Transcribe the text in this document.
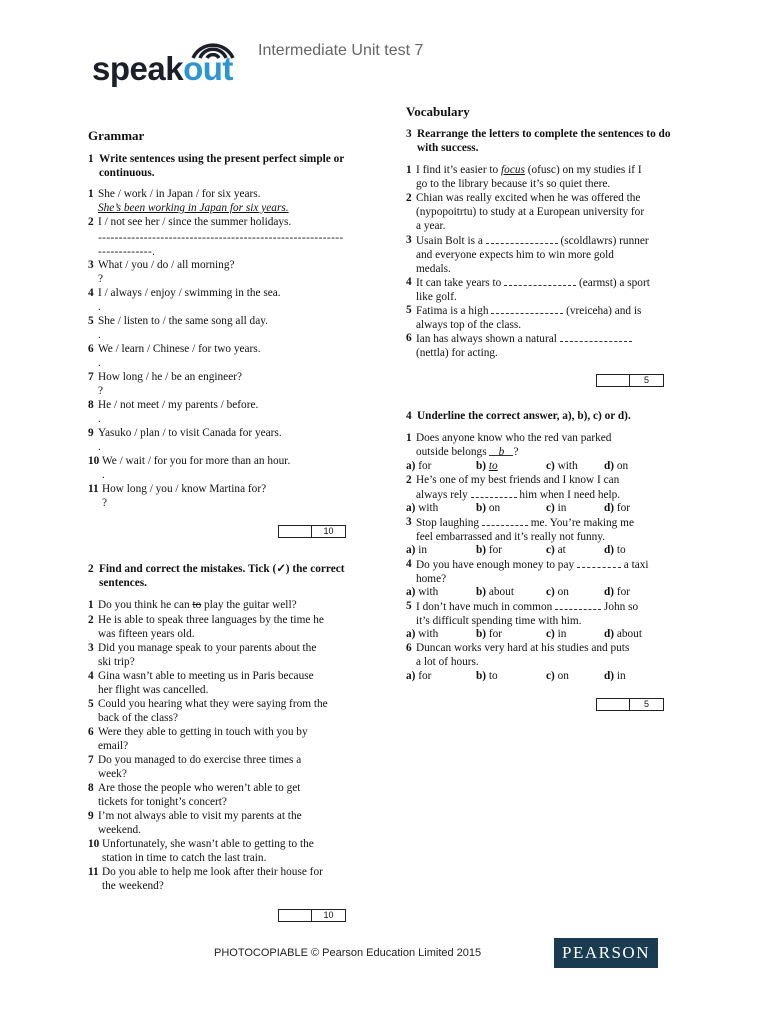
speakout Intermediate Unit test 7
Grammar
1 Write sentences using the present perfect simple or continuous.
1 She / work / in Japan / for six years.
She’s been working in Japan for six years.
2 I / not see her / since the summer holidays.
-----------------------------------------------------------
-------------.
3 What / you / do / all morning?
?
4 I / always / enjoy / swimming in the sea.
.
5 She / listen to / the same song all day.
.
6 We / learn / Chinese / for two years.
.
7 How long / he / be an engineer?
?
8 He / not meet / my parents / before.
.
9 Yasuko / plan / to visit Canada for years.
.
10 We / wait / for you for more than an hour.
.
11 How long / you / know Martina for?
?
10
2 Find and correct the mistakes. Tick (✓) the correct sentences.
1 Do you think he can to play the guitar well?
2 He is able to speak three languages by the time he
was fifteen years old.
3 Did you manage speak to your parents about the
ski trip?
4 Gina wasn’t able to meeting us in Paris because
her flight was cancelled.
5 Could you hearing what they were saying from the
back of the class?
6 Were they able to getting in touch with you by
email?
7 Do you managed to do exercise three times a
week?
8 Are those the people who weren’t able to get
tickets for tonight’s concert?
9 I’m not always able to visit my parents at the
weekend.
10 Unfortunately, she wasn’t able to getting to the
station in time to catch the last train.
11 Do you able to help me look after their house for
the weekend?
10
Vocabulary
3 Rearrange the letters to complete the sentences to do with success.
1 I find it’s easier to focus (ofusc) on my studies if I
go to the library because it’s so quiet there.
2 Chian was really excited when he was offered the
(nypopoitrtu) to study at a European university for
a year.
3 Usain Bolt is a	(scoldlawrs) runner
and everyone expects him to win more gold
medals.
4 It can take years to	(earmst) a sport
like golf.
5 Fatima is a high	(vreiceha) and is
always top of the class.
6 Ian has always shown a natural
(nettla) for acting.
5
4 Underline the correct answer, a), b), c) or d).
1 Does anyone know who the red van parked
outside belongs b ?
a) for	b) to	c) with d) on
2 He’s one of my best friends and I know I can
always rely	him when I need help.
a) with	b) on	c) in	d) for
3 Stop laughing	me. You’re making me
feel embarrassed and it’s really not funny.
a) in	b) for	c) at	d) to
4 Do you have enough money to pay	a taxi
home?
a) with	b) about	c) on	d) for
5 I don’t have much in common	John so
it’s difficult spending time with him.
a) with	b) for	c) in	d) about
6 Duncan works very hard at his studies and puts
a lot of hours.
a) for	b) to	c) on	d) in
5
PHOTOCOPIABLE © Pearson Education Limited 2015	PEARSON
